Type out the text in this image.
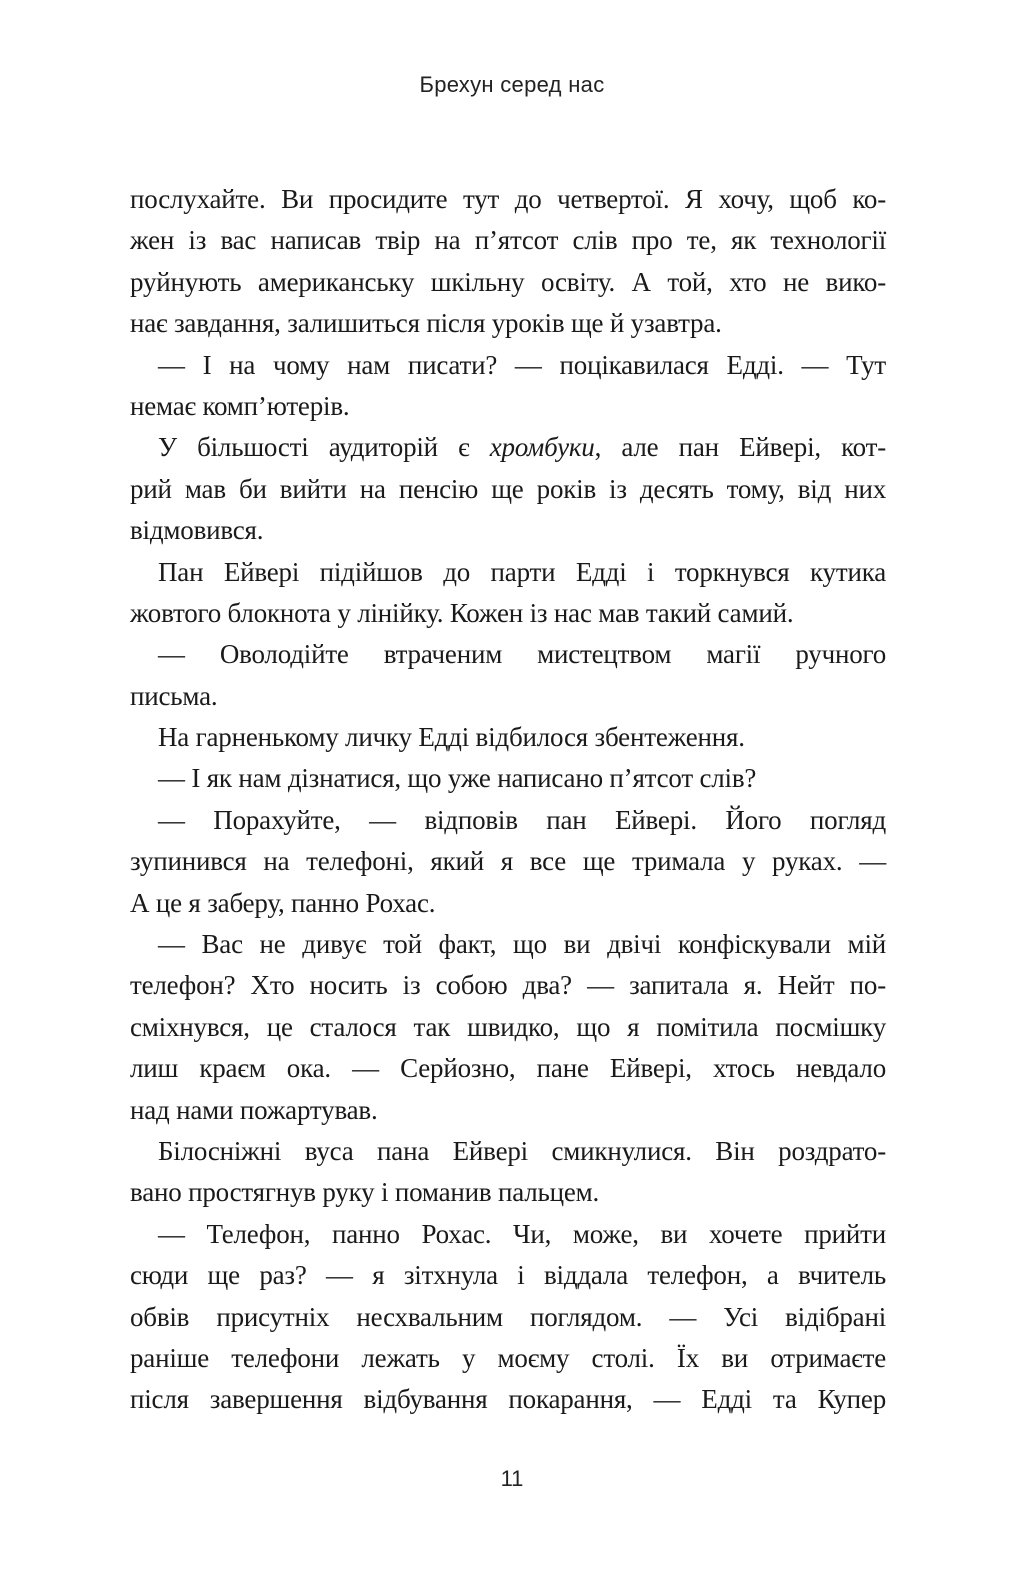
Брехун серед нас
послухайте. Ви просидите тут до четвертої. Я хочу, щоб ко-
жен із вас написав твір на п’ятсот слів про те, як технології
руйнують американську шкільну освіту. А той, хто не вико-
нає завдання, залишиться після уроків ще й узавтра.
— І на чому нам писати? — поцікавилася Едді. — Тут
немає комп’ютерів.
У більшості аудиторій є хромбуки, але пан Ейвері, кот-
рий мав би вийти на пенсію ще років із десять тому, від них
відмовився.
Пан Ейвері підійшов до парти Едді і торкнувся кутика
жовтого блокнота у лінійку. Кожен із нас мав такий самий.
— Оволодійте втраченим мистецтвом магії ручного
письма.
На гарненькому личку Едді відбилося збентеження.
— І як нам дізнатися, що уже написано п’ятсот слів?
— Порахуйте, — відповів пан Ейвері. Його погляд
зупинився на телефоні, який я все ще тримала у руках. —
А це я заберу, панно Рохас.
— Вас не дивує той факт, що ви двічі конфіскували мій
телефон? Хто носить із собою два? — запитала я. Нейт по-
сміхнувся, це сталося так швидко, що я помітила посмішку
лиш краєм ока. — Серйозно, пане Ейвері, хтось невдало
над нами пожартував.
Білосніжні вуса пана Ейвері смикнулися. Він роздрато-
вано простягнув руку і поманив пальцем.
— Телефон, панно Рохас. Чи, може, ви хочете прийти
сюди ще раз? — я зітхнула і віддала телефон, а вчитель
обвів присутніх несхвальним поглядом. — Усі відібрані
раніше телефони лежать у моєму столі. Їх ви отримаєте
після завершення відбування покарання, — Едді та Купер
11
